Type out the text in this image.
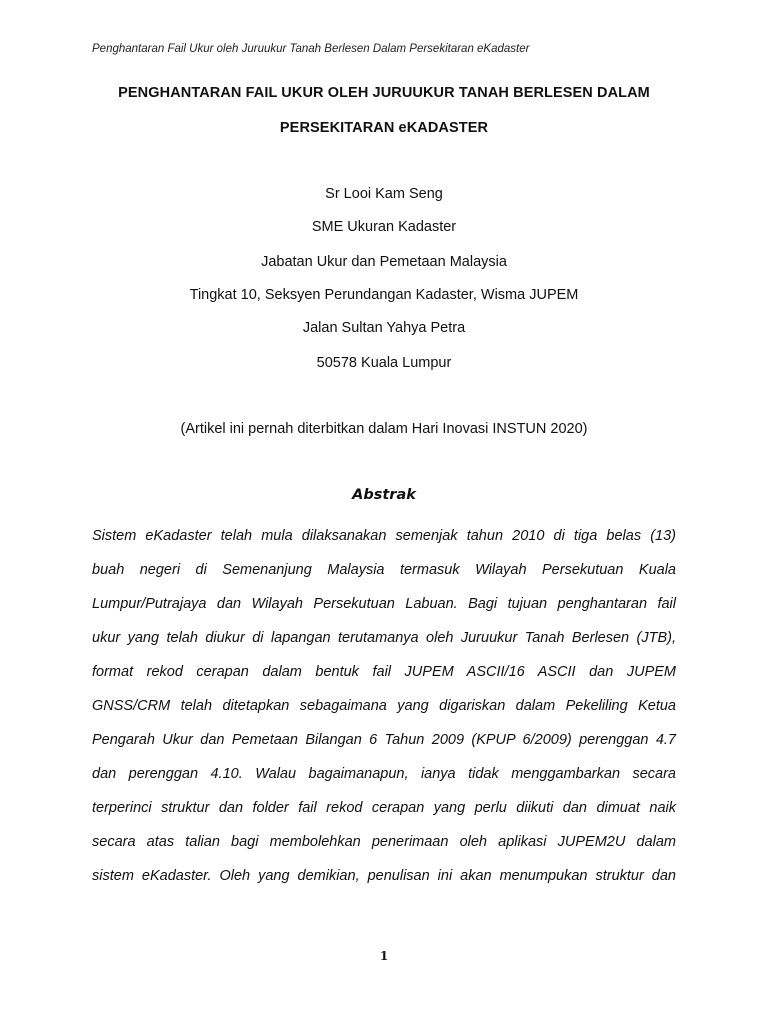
Penghantaran Fail Ukur oleh Juruukur Tanah Berlesen Dalam Persekitaran eKadaster
PENGHANTARAN FAIL UKUR OLEH JURUUKUR TANAH BERLESEN DALAM
PERSEKITARAN eKADASTER
Sr Looi Kam Seng
SME Ukuran Kadaster
Jabatan Ukur dan Pemetaan Malaysia
Tingkat 10, Seksyen Perundangan Kadaster, Wisma JUPEM
Jalan Sultan Yahya Petra
50578 Kuala Lumpur
(Artikel ini pernah diterbitkan dalam Hari Inovasi INSTUN 2020)
Abstrak
Sistem eKadaster telah mula dilaksanakan semenjak tahun 2010 di tiga belas (13)
buah negeri di Semenanjung Malaysia termasuk Wilayah Persekutuan Kuala
Lumpur/Putrajaya dan Wilayah Persekutuan Labuan. Bagi tujuan penghantaran fail
ukur yang telah diukur di lapangan terutamanya oleh Juruukur Tanah Berlesen (JTB),
format rekod cerapan dalam bentuk fail JUPEM ASCII/16 ASCII dan JUPEM
GNSS/CRM telah ditetapkan sebagaimana yang digariskan dalam Pekeliling Ketua
Pengarah Ukur dan Pemetaan Bilangan 6 Tahun 2009 (KPUP 6/2009) perenggan 4.7
dan perenggan 4.10. Walau bagaimanapun, ianya tidak menggambarkan secara
terperinci struktur dan folder fail rekod cerapan yang perlu diikuti dan dimuat naik
secara atas talian bagi membolehkan penerimaan oleh aplikasi JUPEM2U dalam
sistem eKadaster. Oleh yang demikian, penulisan ini akan menumpukan struktur dan
1
